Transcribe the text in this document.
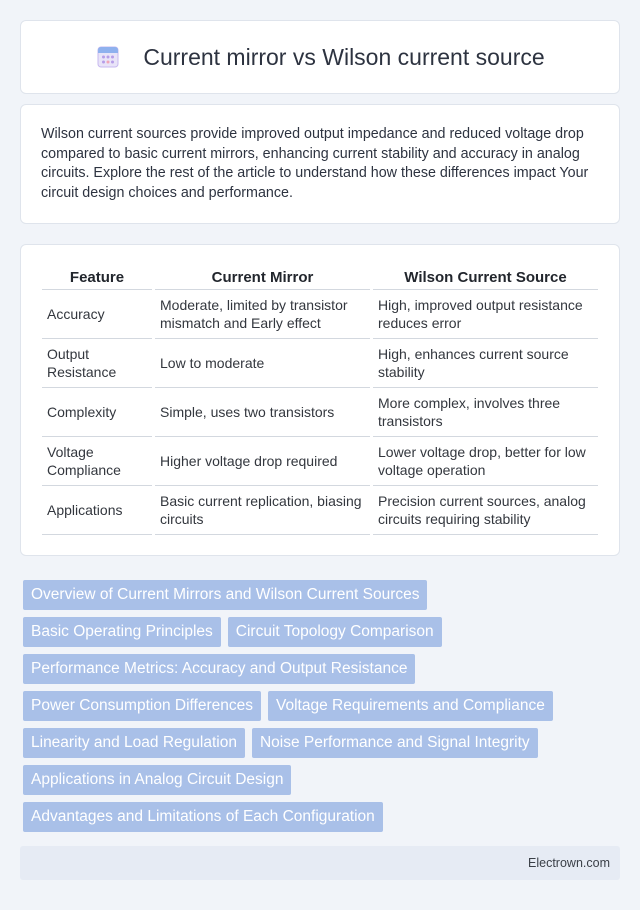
Current mirror vs Wilson current source

Wilson current sources provide improved output impedance and reduced voltage drop compared to basic current mirrors, enhancing current stability and accuracy in analog circuits. Explore the rest of the article to understand how these differences impact Your circuit design choices and performance.

Feature	Current Mirror	Wilson Current Source
Accuracy	Moderate, limited by transistor mismatch and Early effect	High, improved output resistance reduces error
Output Resistance	Low to moderate	High, enhances current source stability
Complexity	Simple, uses two transistors	More complex, involves three transistors
Voltage Compliance	Higher voltage drop required	Lower voltage drop, better for low voltage operation
Applications	Basic current replication, biasing circuits	Precision current sources, analog circuits requiring stability
Overview of Current Mirrors and Wilson Current Sources
Basic Operating Principles	Circuit Topology Comparison
Performance Metrics: Accuracy and Output Resistance
Power Consumption Differences	Voltage Requirements and Compliance
Linearity and Load Regulation	Noise Performance and Signal Integrity
Applications in Analog Circuit Design
Advantages and Limitations of Each Configuration
Electrown.com
